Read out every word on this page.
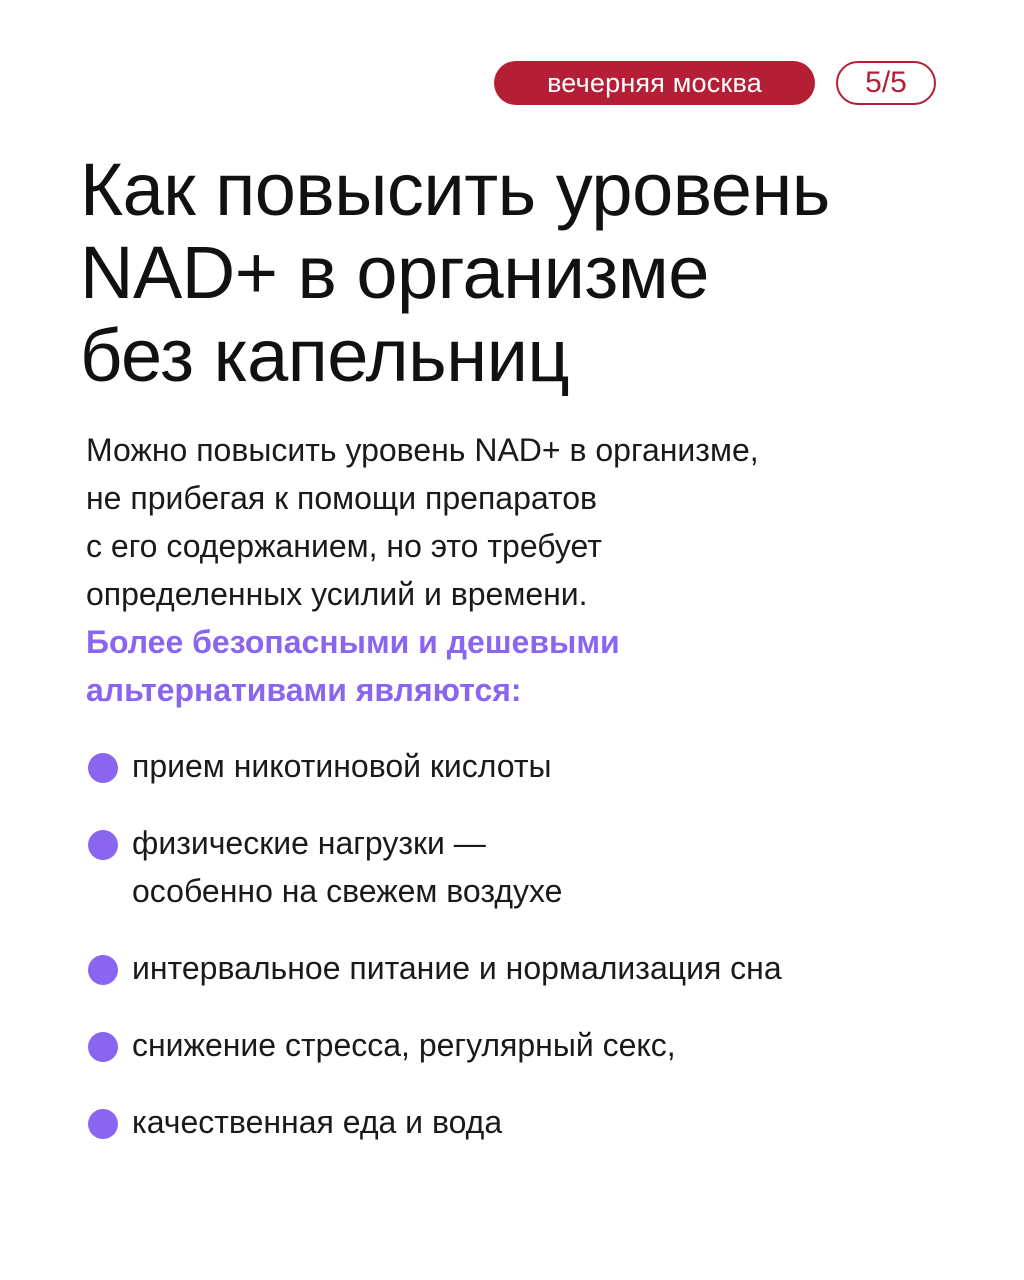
вечерняя москва	5/5
Как повысить уровень
NAD+ в организме
без капельниц
Можно повысить уровень NAD+ в организме,
не прибегая к помощи препаратов
с его содержанием, но это требует
определенных усилий и времени.
Более безопасными и дешевыми
альтернативами являются:
прием никотиновой кислоты
физические нагрузки —
особенно на свежем воздухе
интервальное питание и нормализация сна
снижение стресса, регулярный секс,
качественная еда и вода
